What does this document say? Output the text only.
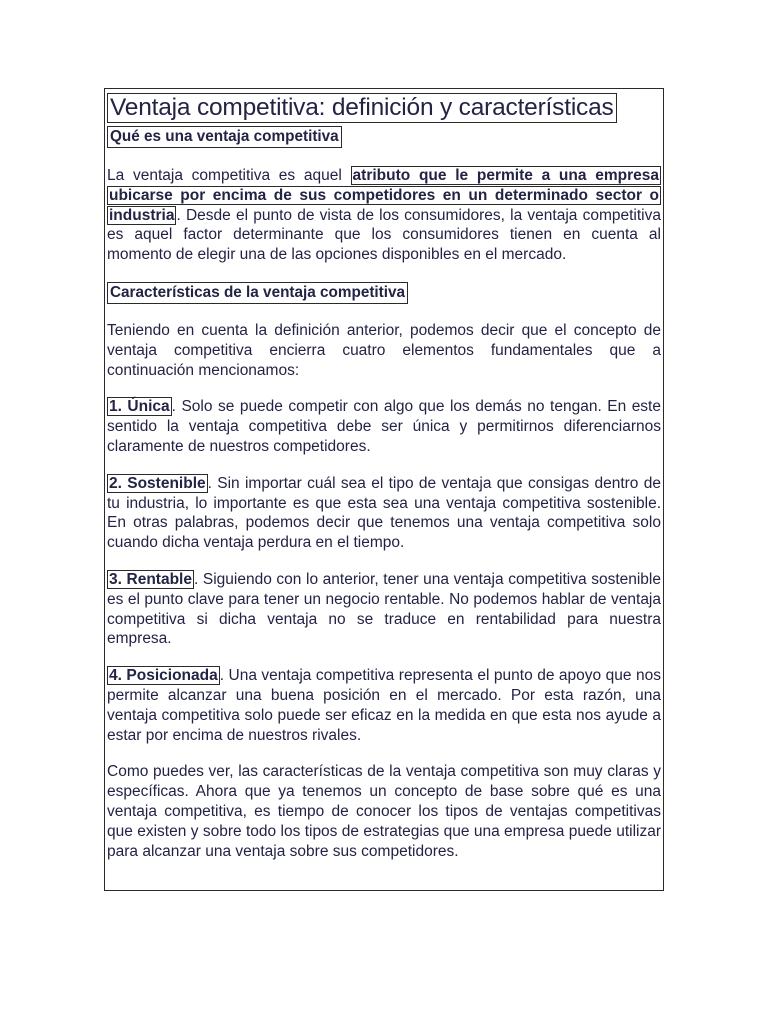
Ventaja competitiva: definición y características
Qué es una ventaja competitiva

La ventaja competitiva es aquel atributo que le permite a una empresa ubicarse por encima de sus competidores en un determinado sector o industria . Desde el punto de vista de los consumidores, la ventaja competitiva es aquel factor determinante que los consumidores tienen en cuenta al momento de elegir una de las opciones disponibles en el mercado.

Características de la ventaja competitiva

Teniendo en cuenta la definición anterior, podemos decir que el concepto de ventaja competitiva encierra cuatro elementos fundamentales que a continuación mencionamos:

1. Única . Solo se puede competir con algo que los demás no tengan. En este sentido la ventaja competitiva debe ser única y permitirnos diferenciarnos claramente de nuestros competidores.

2. Sostenible . Sin importar cuál sea el tipo de ventaja que consigas dentro de tu industria, lo importante es que esta sea una ventaja competitiva sostenible. En otras palabras, podemos decir que tenemos una ventaja competitiva solo cuando dicha ventaja perdura en el tiempo.

3. Rentable . Siguiendo con lo anterior, tener una ventaja competitiva sostenible es el punto clave para tener un negocio rentable. No podemos hablar de ventaja competitiva si dicha ventaja no se traduce en rentabilidad para nuestra empresa.

4. Posicionada . Una ventaja competitiva representa el punto de apoyo que nos permite alcanzar una buena posición en el mercado. Por esta razón, una ventaja competitiva solo puede ser eficaz en la medida en que esta nos ayude a estar por encima de nuestros rivales.

Como puedes ver, las características de la ventaja competitiva son muy claras y específicas. Ahora que ya tenemos un concepto de base sobre qué es una ventaja competitiva, es tiempo de conocer los tipos de ventajas competitivas que existen y sobre todo los tipos de estrategias que una empresa puede utilizar para alcanzar una ventaja sobre sus competidores.
